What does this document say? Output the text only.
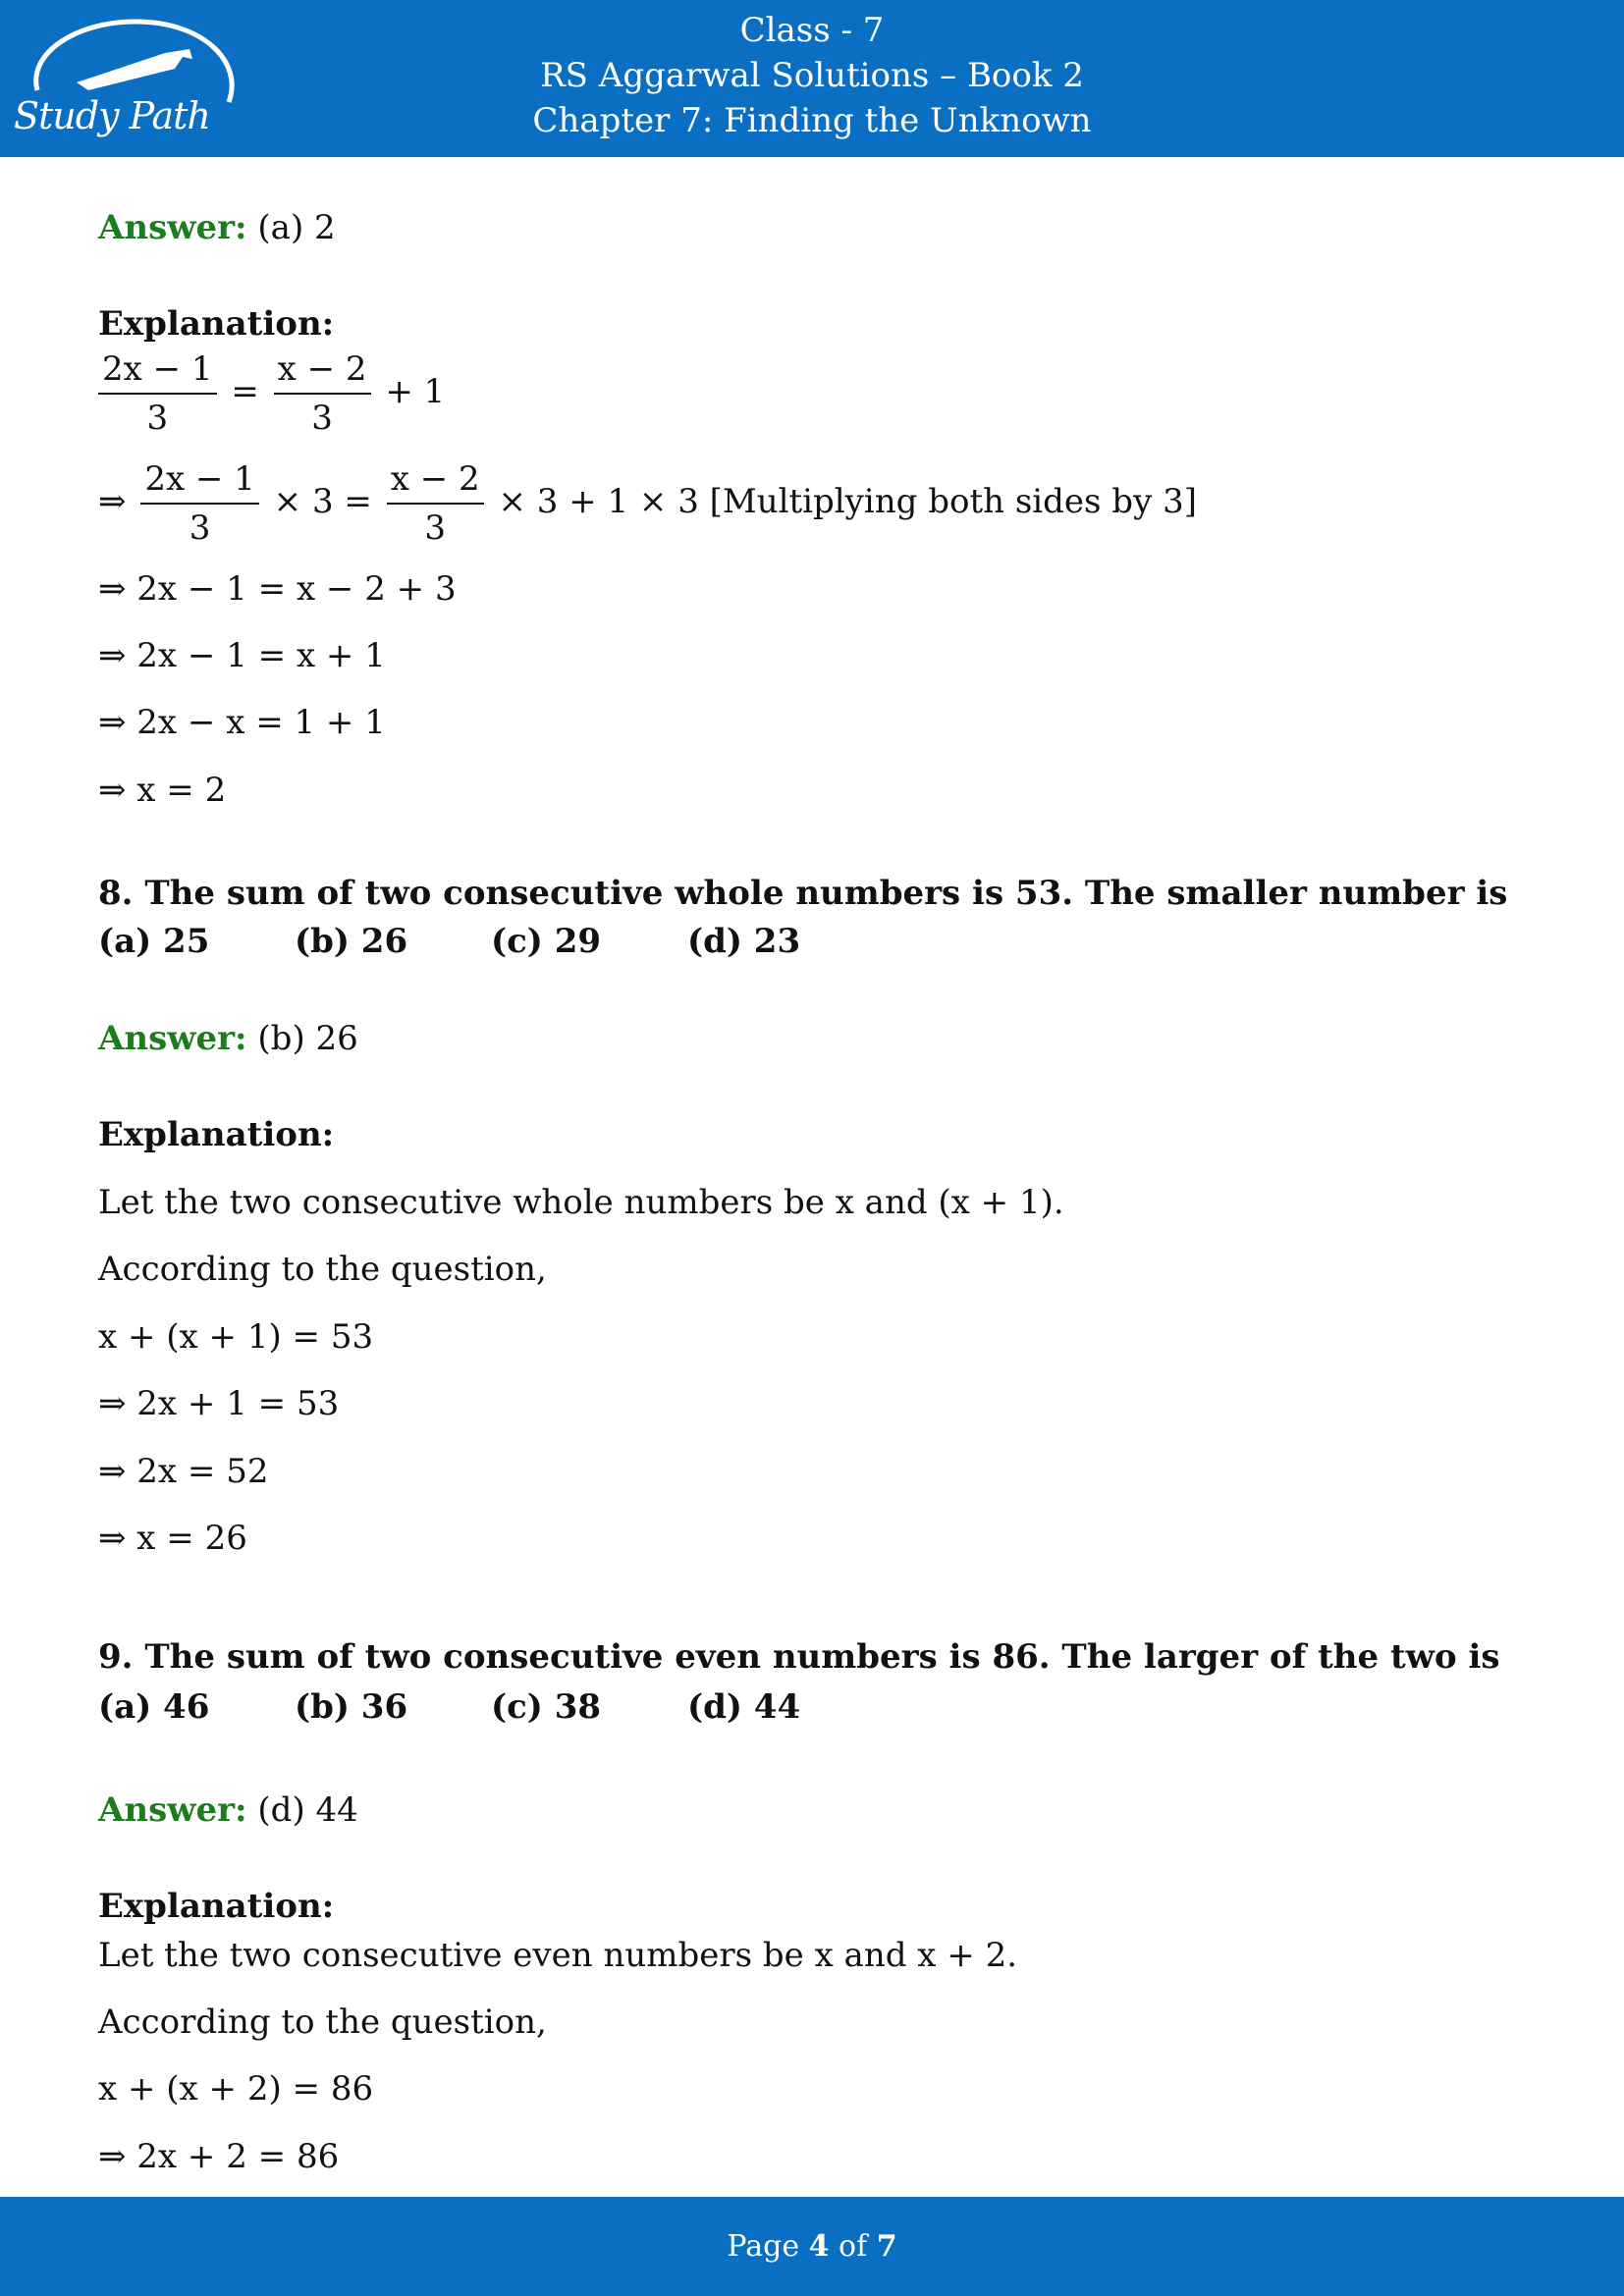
Study Path
Class - 7
RS Aggarwal Solutions – Book 2
Chapter 7: Finding the Unknown
Answer: (a) 2
Explanation:
$\frac{2x - 1}{3} = \frac{x - 2}{3} + 1$
⇒ $\frac{2x - 1}{3} \times 3 = \frac{x - 2}{3} \times 3 + 1 \times 3$ [Multiplying both sides by 3]
⇒ 2x − 1 = x − 2 + 3
⇒ 2x − 1 = x + 1
⇒ 2x − x = 1 + 1
⇒ x = 2
8. The sum of two consecutive whole numbers is 53. The smaller number is
(a) 25	(b) 26 (c) 29	(d) 23
Answer: (b) 26
Explanation:
Let the two consecutive whole numbers be x and (x + 1).
According to the question,
x + (x + 1) = 53
⇒ 2x + 1 = 53
⇒ 2x = 52
⇒ x = 26
9. The sum of two consecutive even numbers is 86. The larger of the two is
(a) 46	(b) 36 (c) 38	(d) 44
Answer: (d) 44
Explanation:
Let the two consecutive even numbers be x and x + 2.
According to the question,
x + (x + 2) = 86
⇒ 2x + 2 = 86
Page 4 of 7
